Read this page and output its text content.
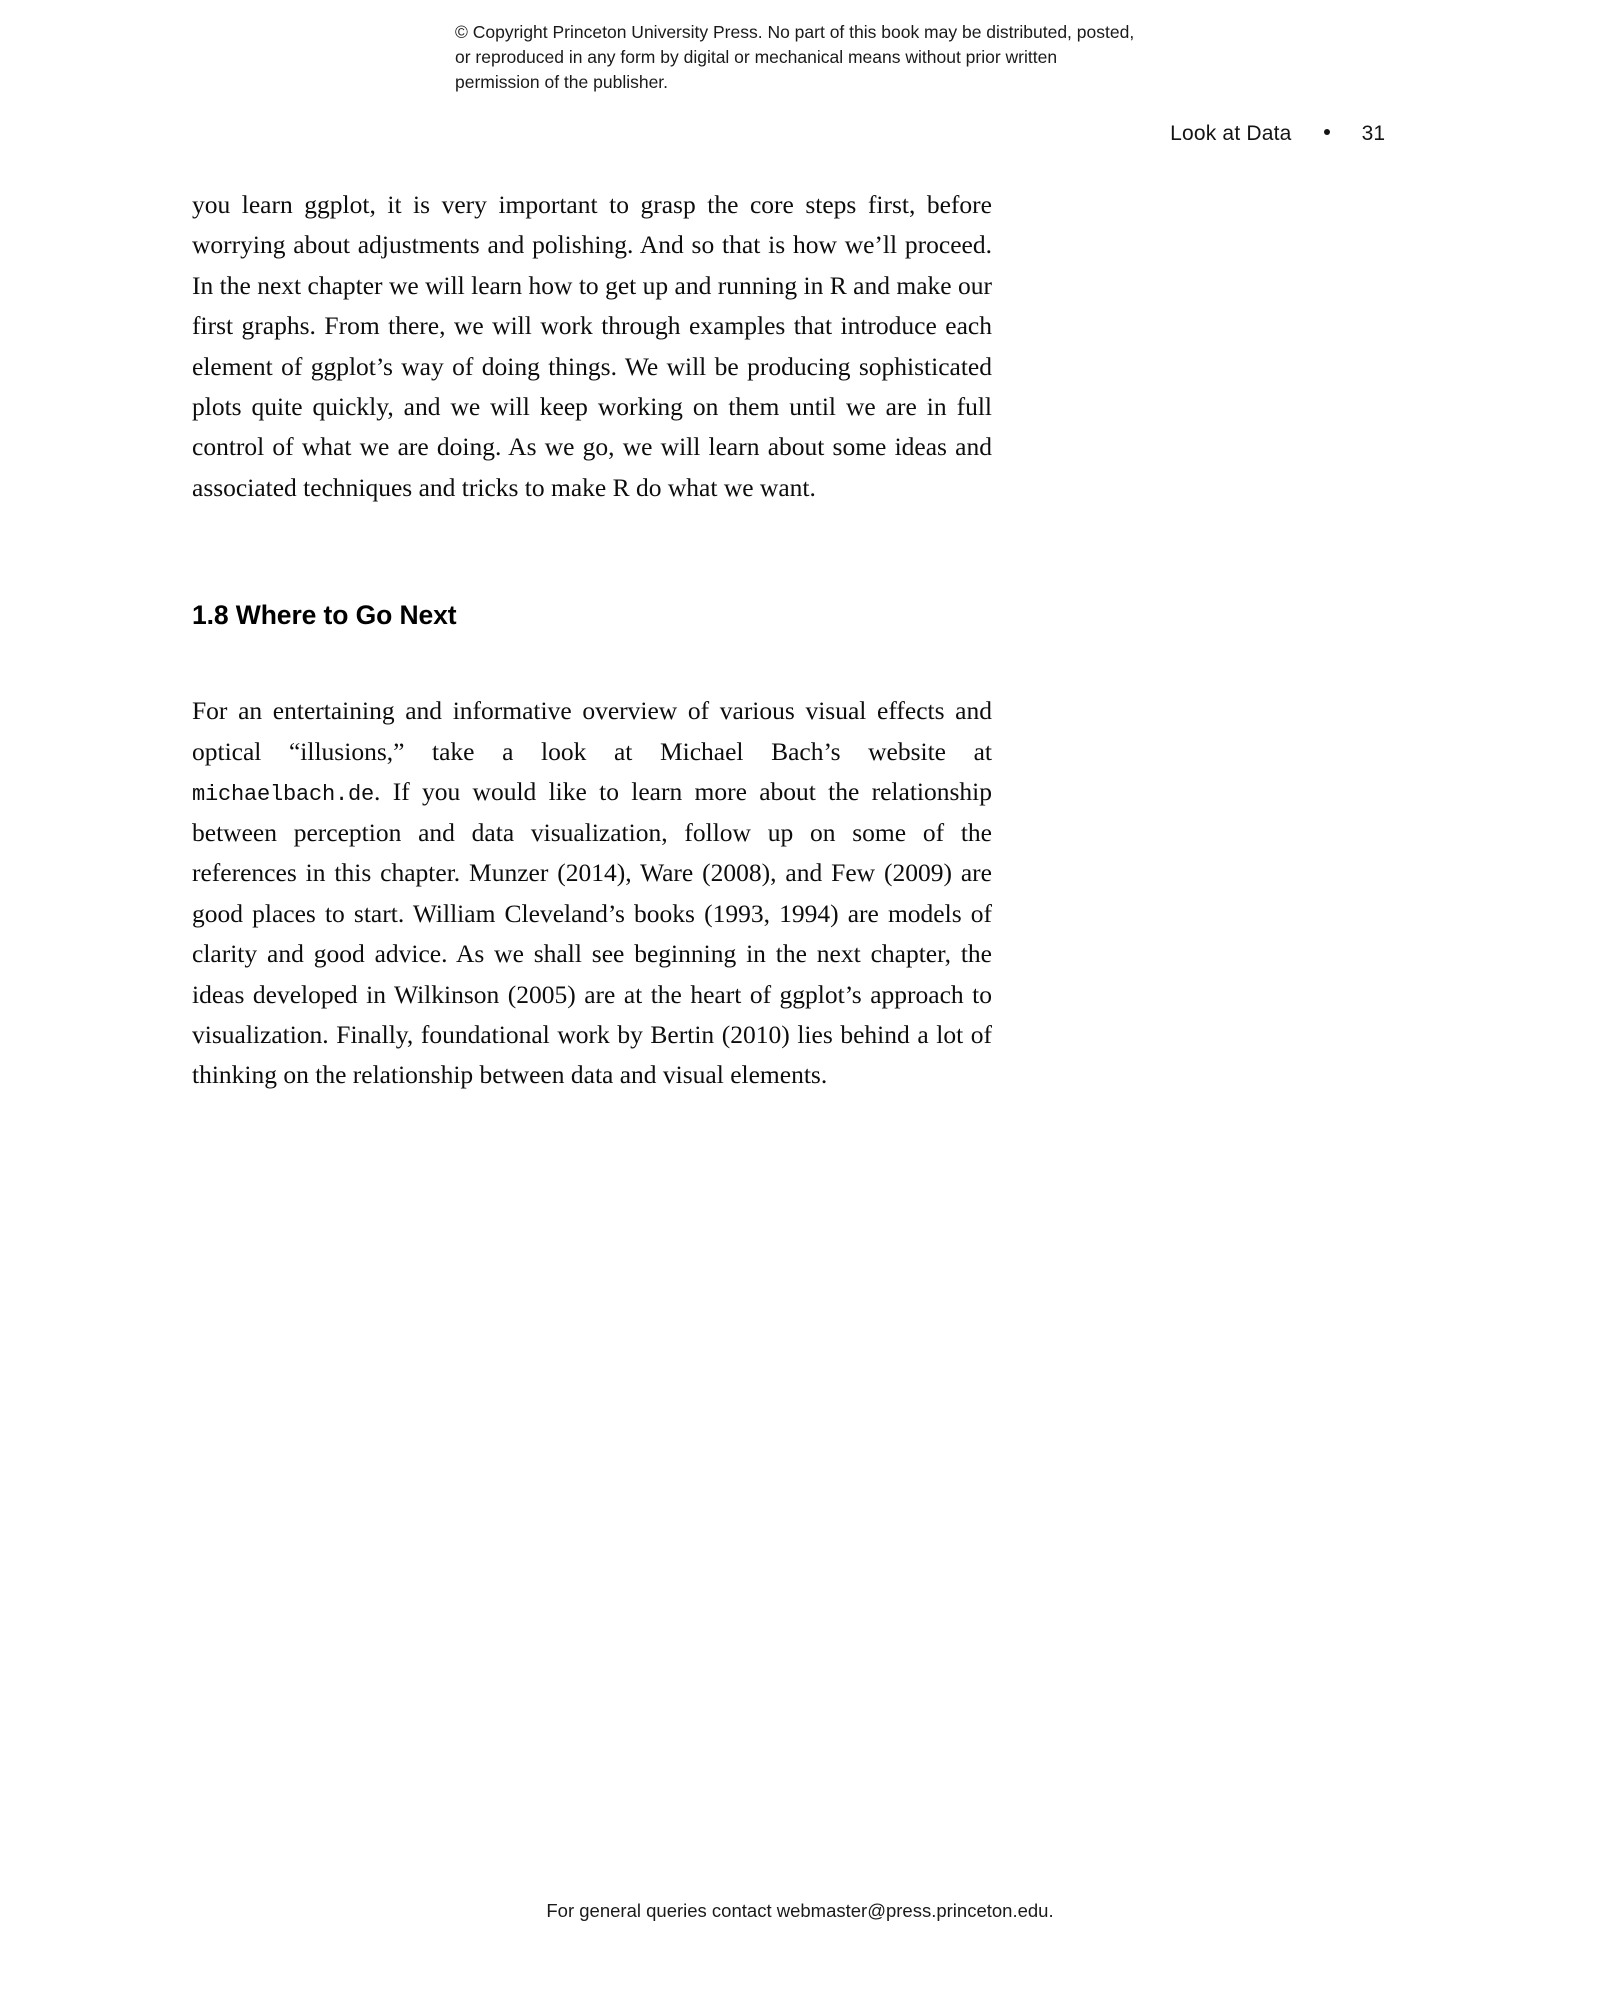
© Copyright Princeton University Press. No part of this book may be distributed, posted, or reproduced in any form by digital or mechanical means without prior written permission of the publisher.
Look at Data	31

you learn ggplot, it is very important to grasp the core steps first, before worrying about adjustments and polishing. And so that is how we’ll proceed. In the next chapter we will learn how to get up and running in R and make our first graphs. From there, we will work through examples that introduce each element of ggplot’s way of doing things. We will be producing sophisticated plots quite quickly, and we will keep working on them until we are in full control of what we are doing. As we go, we will learn about some ideas and associated techniques and tricks to make R do what we want.

1.8 Where to Go Next

For an entertaining and informative overview of various visual effects and optical “illusions,” take a look at Michael Bach’s website at michaelbach.de. If you would like to learn more about the relationship between perception and data visualization, follow up on some of the references in this chapter. Munzer (2014), Ware (2008), and Few (2009) are good places to start. William Cleveland’s books (1993, 1994) are models of clarity and good advice. As we shall see beginning in the next chapter, the ideas developed in Wilkinson (2005) are at the heart of ggplot’s approach to visualization. Finally, foundational work by Bertin (2010) lies behind a lot of thinking on the relationship between data and visual elements.

For general queries contact webmaster@press.princeton.edu.
